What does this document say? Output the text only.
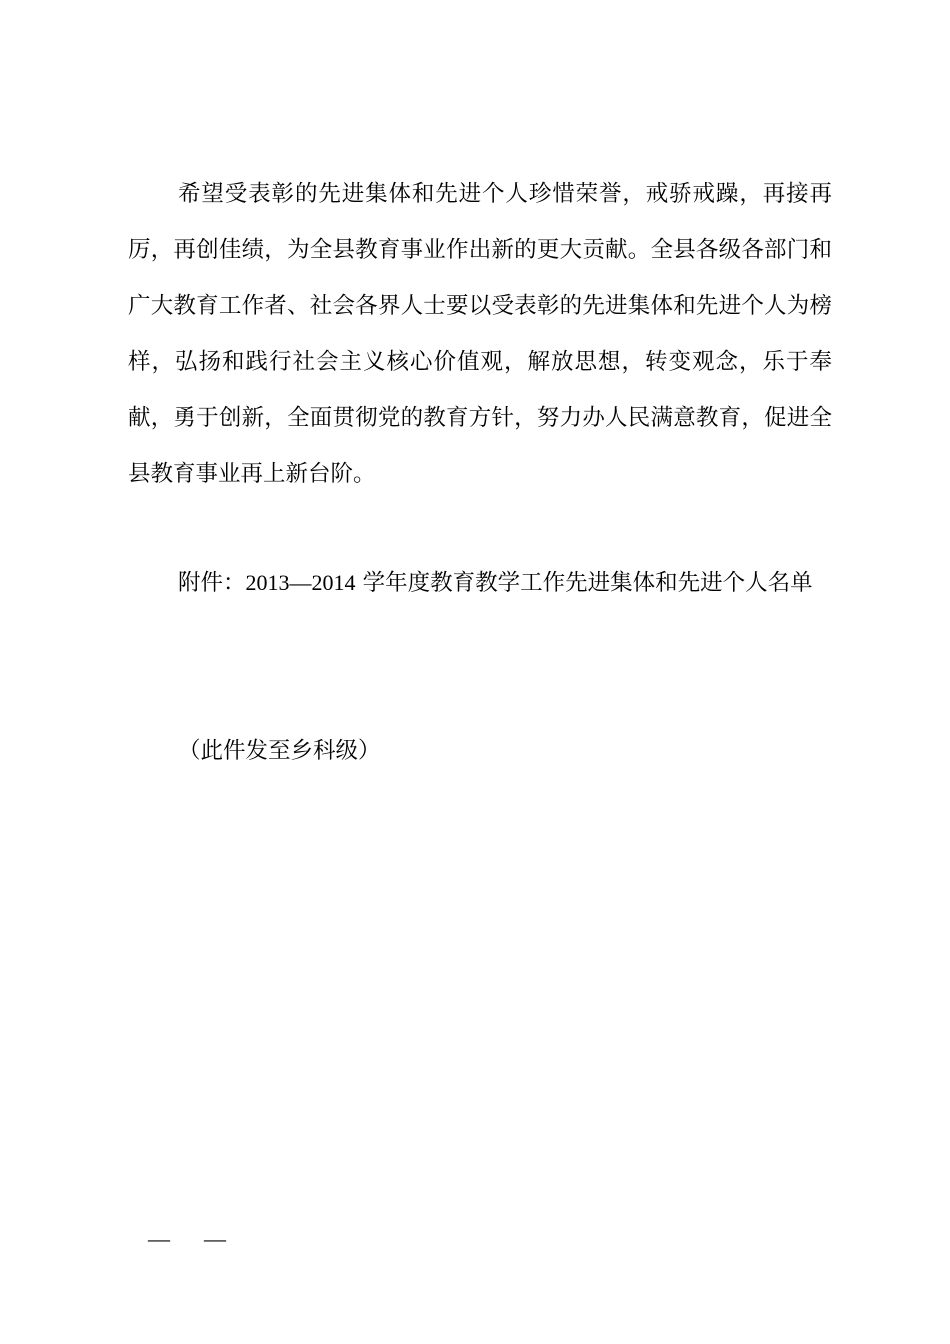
希望受表彰的先进集体和先进个人珍惜荣誉，戒骄戒躁，再接再厉，再创佳绩，为全县教育事业作出新的更大贡献。全县各级各部门和广大教育工作者、社会各界人士要以受表彰的先进集体和先进个人为榜样，弘扬和践行社会主义核心价值观，解放思想，转变观念，乐于奉献，勇于创新，全面贯彻党的教育方针，努力办人民满意教育，促进全县教育事业再上新台阶。

附件：2013—2014 学年度教育教学工作先进集体和先进个人名单

（此件发至乡科级）

— —
